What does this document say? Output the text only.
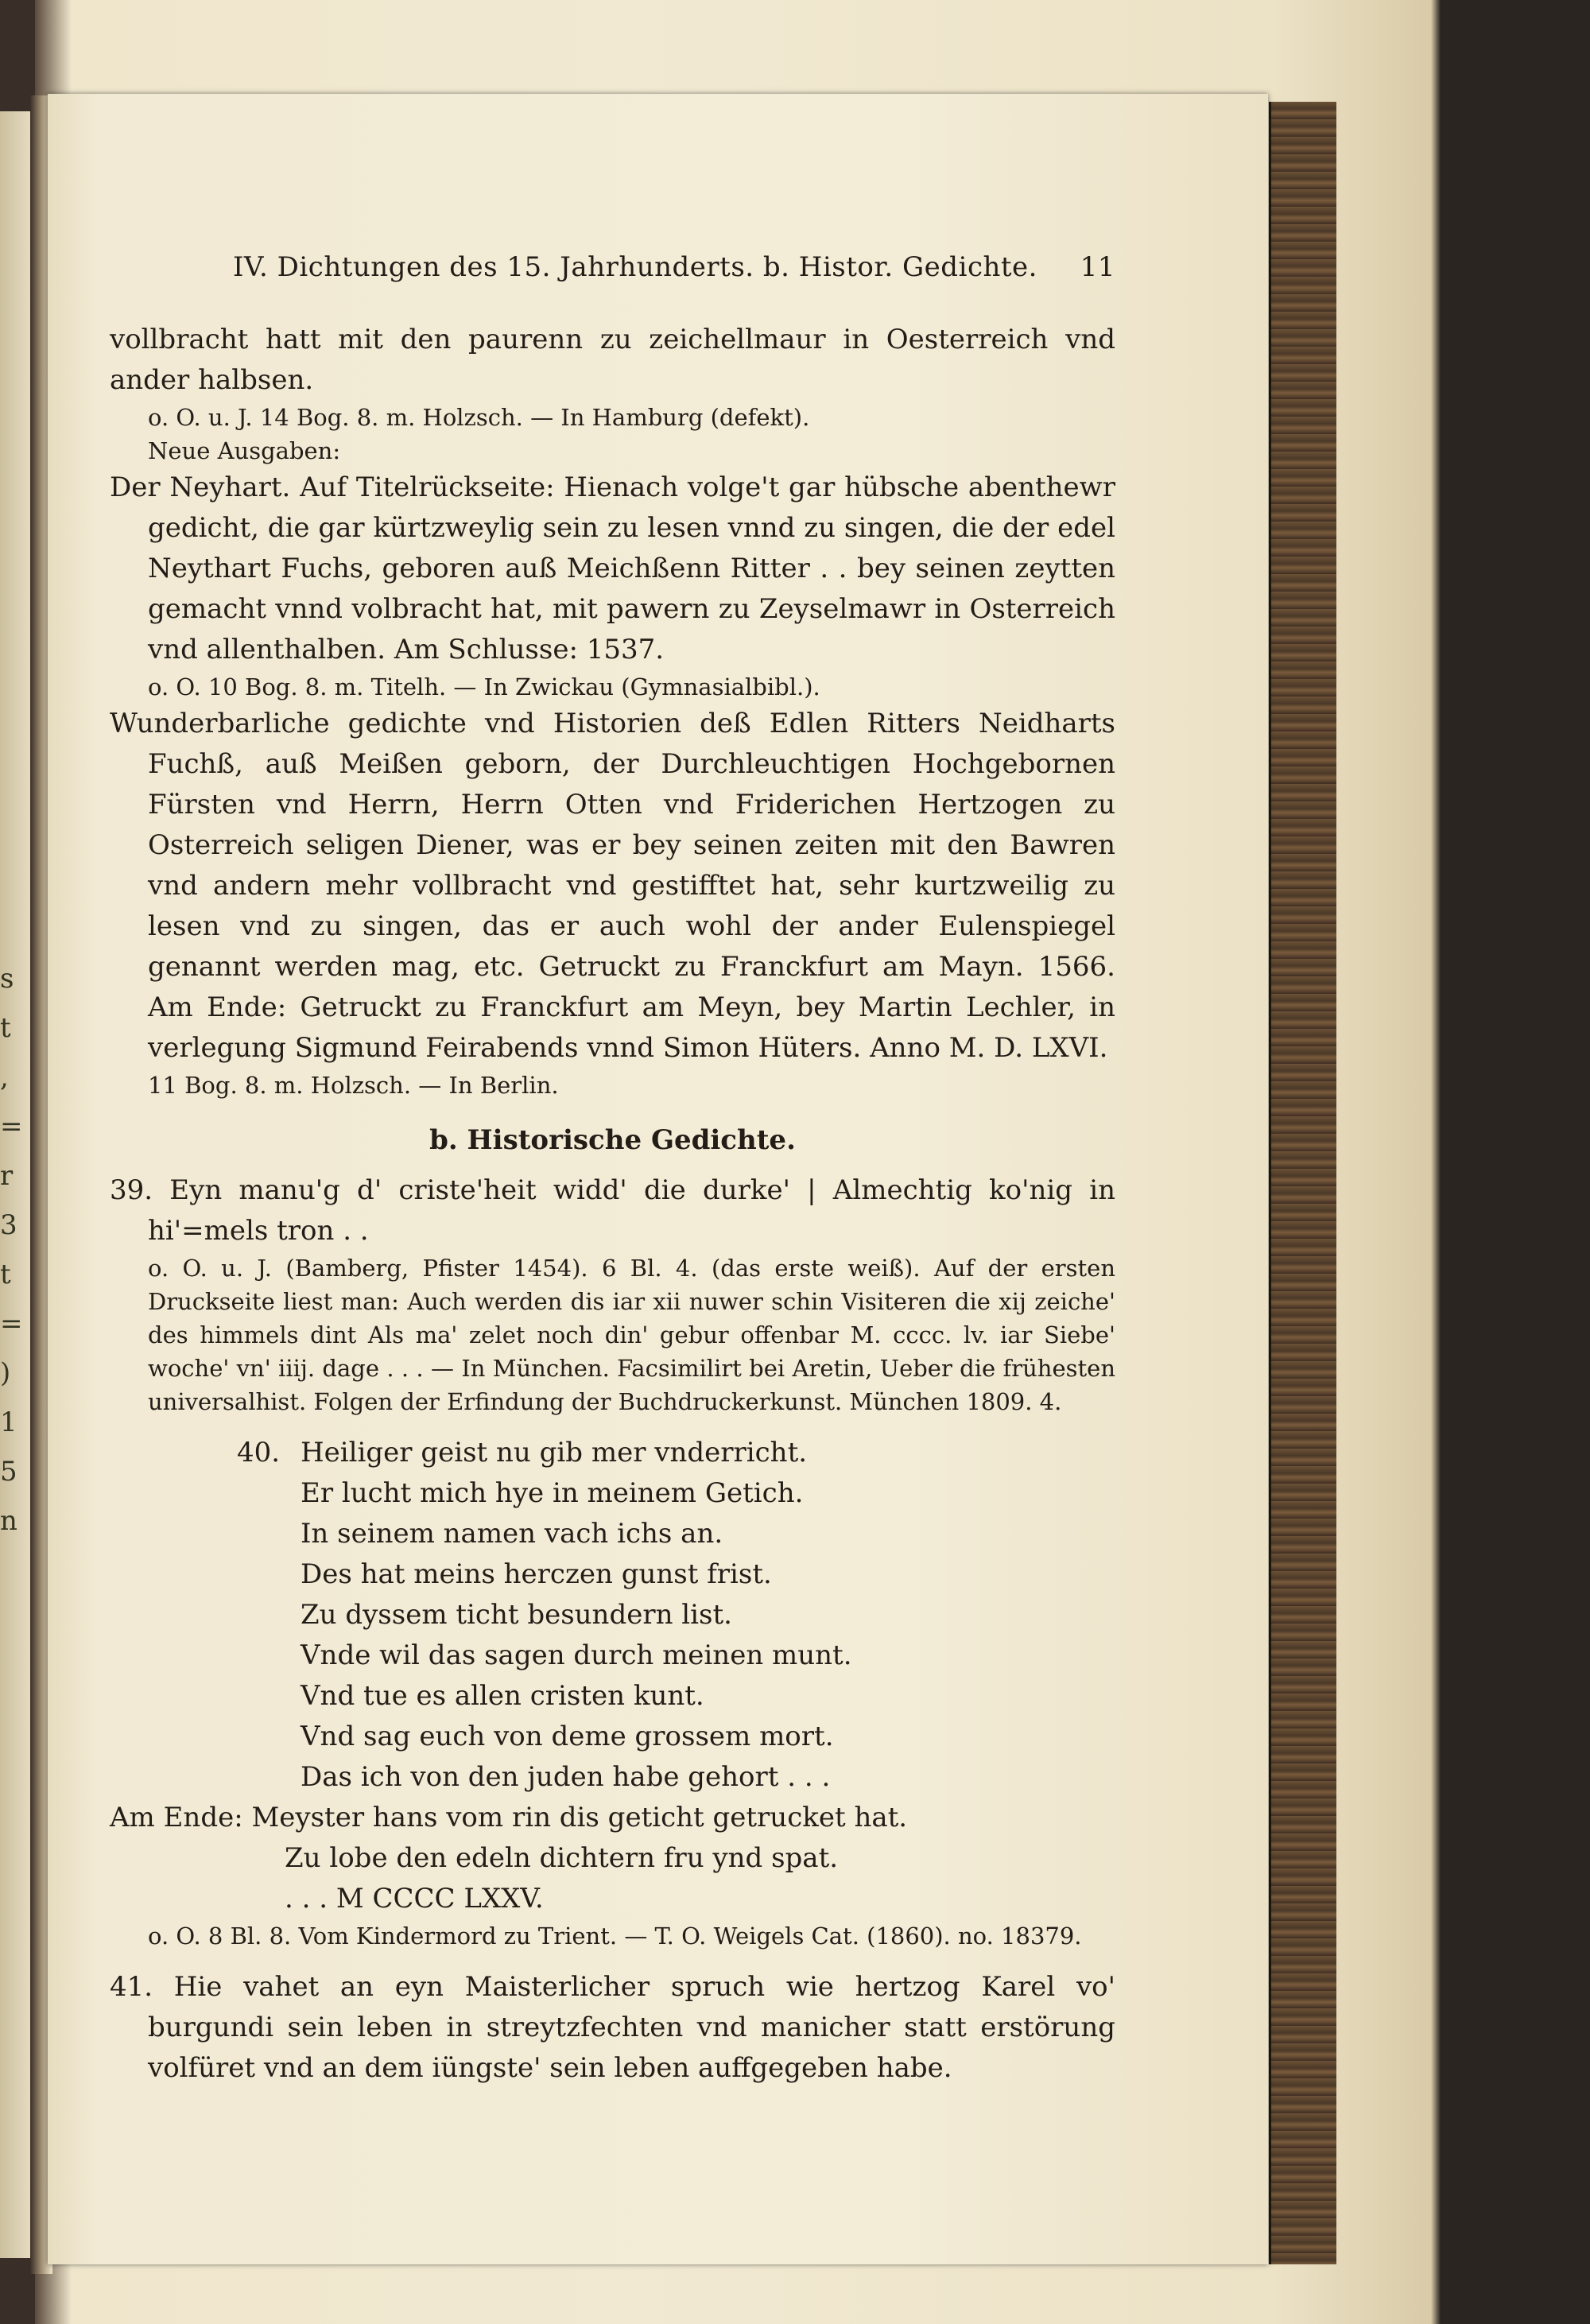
s
t
,
=
r
3
t
=
)
1
5
n
IV. Dichtungen des 15. Jahrhunderts. b. Histor. Gedichte. 11

vollbracht hatt mit den paurenn zu zeichellmaur in Oesterreich vnd ander halbsen.

o. O. u. J. 14 Bog. 8. m. Holzsch. — In Hamburg (defekt).

Neue Ausgaben:

Der Neyhart. Auf Titelrückseite: Hienach volge't gar hübsche abenthewr gedicht, die gar kürtzweylig sein zu lesen vnnd zu singen, die der edel Neythart Fuchs, geboren auß Meichßenn Ritter . . bey seinen zeytten gemacht vnnd volbracht hat, mit pawern zu Zeyselmawr in Osterreich vnd allenthalben. Am Schlusse: 1537.

o. O. 10 Bog. 8. m. Titelh. — In Zwickau (Gymnasialbibl.).

Wunderbarliche gedichte vnd Historien deß Edlen Ritters Neidharts Fuchß, auß Meißen geborn, der Durchleuchtigen Hochgebornen Fürsten vnd Herrn, Herrn Otten vnd Friderichen Hertzogen zu Osterreich seligen Diener, was er bey seinen zeiten mit den Bawren vnd andern mehr vollbracht vnd gestifftet hat, sehr kurtzweilig zu lesen vnd zu singen, das er auch wohl der ander Eulenspiegel genannt werden mag, etc. Getruckt zu Franckfurt am Mayn. 1566. Am Ende: Getruckt zu Franckfurt am Meyn, bey Martin Lechler, in verlegung Sigmund Feirabends vnnd Simon Hüters. Anno M. D. LXVI.

11 Bog. 8. m. Holzsch. — In Berlin.

b. Historische Gedichte.

39. Eyn manu'g d' criste'heit widd' die durke' | Almechtig ko'nig in hi'=mels tron . .

o. O. u. J. (Bamberg, Pfister 1454). 6 Bl. 4. (das erste weiß). Auf der ersten Druckseite liest man: Auch werden dis iar xii nuwer schin Visiteren die xij zeiche' des himmels dint Als ma' zelet noch din' gebur offenbar M. cccc. lv. iar Siebe' woche' vn' iiij. dage . . . — In München. Facsimilirt bei Aretin, Ueber die frühesten universalhist. Folgen der Erfindung der Buchdruckerkunst. München 1809. 4.

40. Heiliger geist nu gib mer vnderricht.
Er lucht mich hye in meinem Getich.
In seinem namen vach ichs an.
Des hat meins herczen gunst frist.
Zu dyssem ticht besundern list.
Vnde wil das sagen durch meinen munt.
Vnd tue es allen cristen kunt.
Vnd sag euch von deme grossem mort.
Das ich von den juden habe gehort . . .

Am Ende: Meyster hans vom rin dis geticht getrucket hat.

Zu lobe den edeln dichtern fru ynd spat.
. . . M CCCC LXXV.

o. O. 8 Bl. 8. Vom Kindermord zu Trient. — T. O. Weigels Cat. (1860). no. 18379.

41. Hie vahet an eyn Maisterlicher spruch wie hertzog Karel vo' burgundi sein leben in streytzfechten vnd manicher statt erstörung volfüret vnd an dem iüngste' sein leben auffgegeben habe.
